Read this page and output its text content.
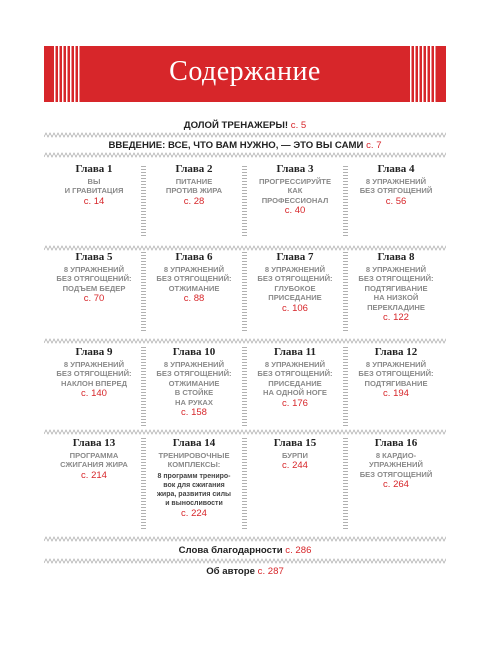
Содержание
ДОЛОЙ ТРЕНАЖЕРЫ! с. 5
ВВЕДЕНИЕ: ВСЕ, ЧТО ВАМ НУЖНО, — ЭТО ВЫ САМИ с. 7
Глава 1
ВЫ
И ГРАВИТАЦИЯ
с. 14
Глава 2
ПИТАНИЕ
ПРОТИВ ЖИРА
с. 28
Глава 3
ПРОГРЕССИРУЙТЕ
КАК
ПРОФЕССИОНАЛ
с. 40
Глава 4
8 УПРАЖНЕНИЙ
БЕЗ ОТЯГОЩЕНИЙ
с. 56
Глава 5
8 УПРАЖНЕНИЙ
БЕЗ ОТЯГОЩЕНИЙ:
ПОДЪЕМ БЕДЕР
с. 70
Глава 6
8 УПРАЖНЕНИЙ
БЕЗ ОТЯГОЩЕНИЙ:
ОТЖИМАНИЕ
с. 88
Глава 7
8 УПРАЖНЕНИЙ
БЕЗ ОТЯГОЩЕНИЙ:
ГЛУБОКОЕ
ПРИСЕДАНИЕ
с. 106
Глава 8
8 УПРАЖНЕНИЙ
БЕЗ ОТЯГОЩЕНИЙ:
ПОДТЯГИВАНИЕ
НА НИЗКОЙ
ПЕРЕКЛАДИНЕ
с. 122
Глава 9
8 УПРАЖНЕНИЙ
БЕЗ ОТЯГОЩЕНИЙ:
НАКЛОН ВПЕРЕД
с. 140
Глава 10
8 УПРАЖНЕНИЙ
БЕЗ ОТЯГОЩЕНИЙ:
ОТЖИМАНИЕ
В СТОЙКЕ
НА РУКАХ
с. 158
Глава 11
8 УПРАЖНЕНИЙ
БЕЗ ОТЯГОЩЕНИЙ:
ПРИСЕДАНИЕ
НА ОДНОЙ НОГЕ
с. 176
Глава 12
8 УПРАЖНЕНИЙ
БЕЗ ОТЯГОЩЕНИЙ:
ПОДТЯГИВАНИЕ
с. 194
Глава 13
ПРОГРАММА
СЖИГАНИЯ ЖИРА
с. 214
Глава 14
ТРЕНИРОВОЧНЫЕ
КОМПЛЕКСЫ:
8 программ трениро-
вок для сжигания
жира, развития силы
и выносливости
с. 224
Глава 15
БУРПИ
с. 244
Глава 16
8 КАРДИО-
УПРАЖНЕНИЙ
БЕЗ ОТЯГОЩЕНИЙ
с. 264
Слова благодарности с. 286
Об авторе с. 287
